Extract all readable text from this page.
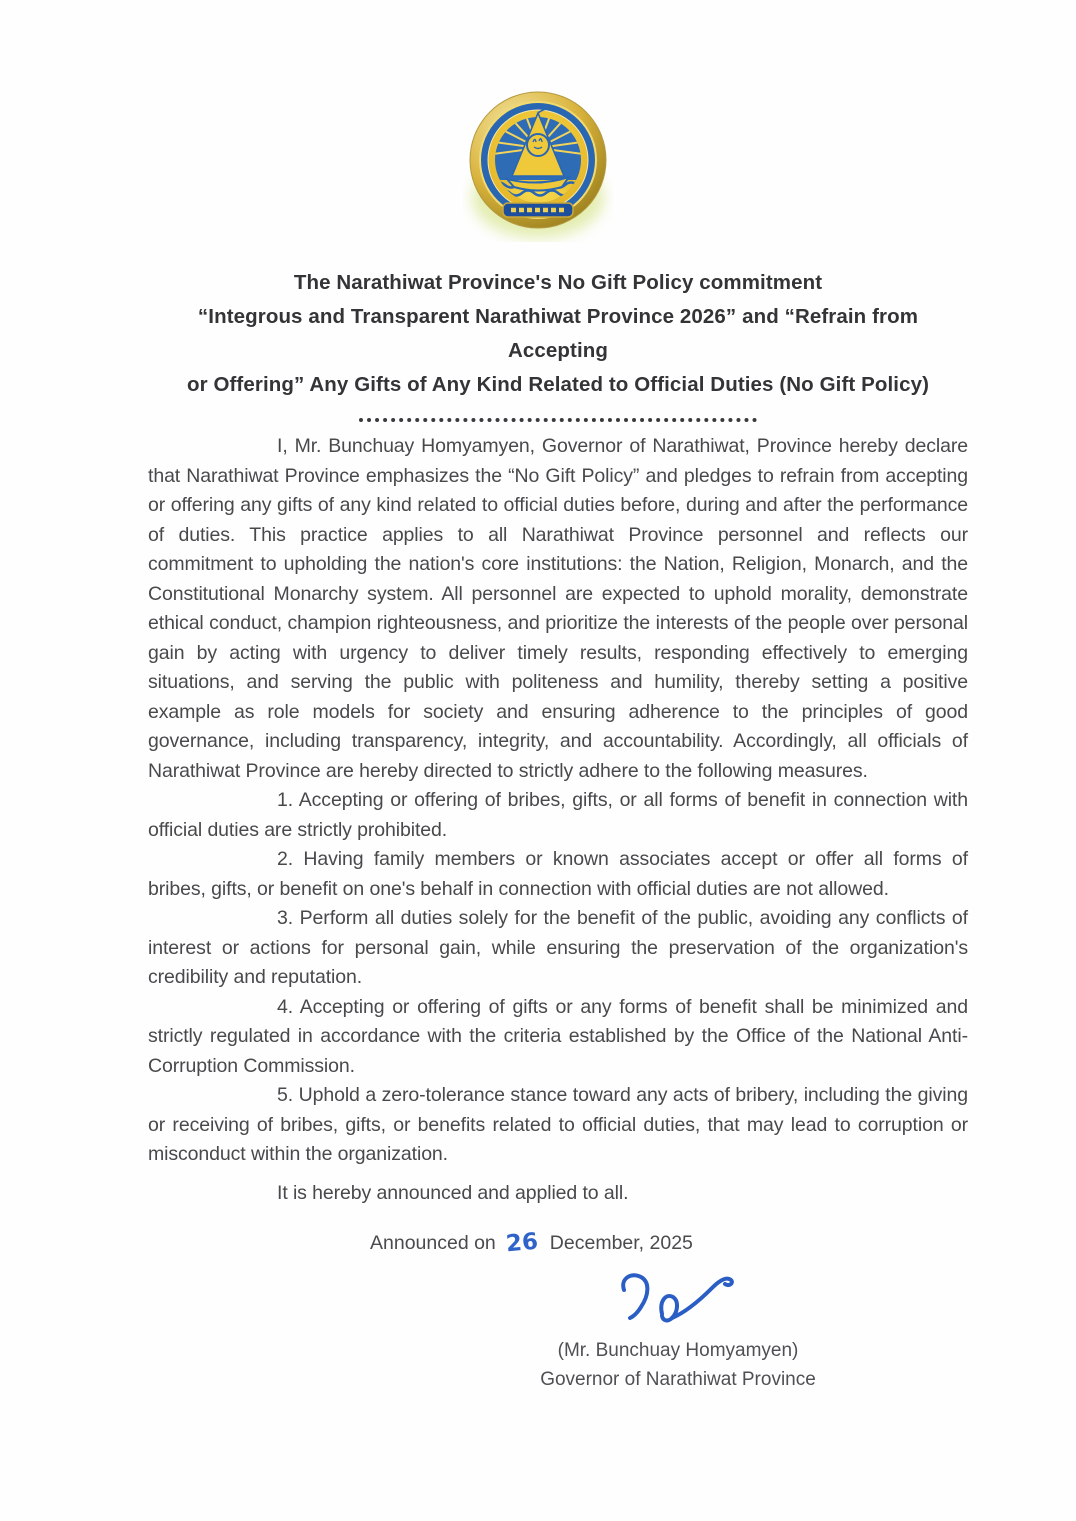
The Narathiwat Province's No Gift Policy commitment
“Integrous and Transparent Narathiwat Province 2026” and “Refrain from Accepting
or Offering” Any Gifts of Any Kind Related to Official Duties (No Gift Policy)

I, Mr. Bunchuay Homyamyen, Governor of Narathiwat, Province hereby declare that Narathiwat Province emphasizes the “No Gift Policy” and pledges to refrain from accepting or offering any gifts of any kind related to official duties before, during and after the performance of duties. This practice applies to all Narathiwat Province personnel and reflects our commitment to upholding the nation's core institutions: the Nation, Religion, Monarch, and the Constitutional Monarchy system. All personnel are expected to uphold morality, demonstrate ethical conduct, champion righteousness, and prioritize the interests of the people over personal gain by acting with urgency to deliver timely results, responding effectively to emerging situations, and serving the public with politeness and humility, thereby setting a positive example as role models for society and ensuring adherence to the principles of good governance, including transparency, integrity, and accountability. Accordingly, all officials of Narathiwat Province are hereby directed to strictly adhere to the following measures.

1. Accepting or offering of bribes, gifts, or all forms of benefit in connection with official duties are strictly prohibited.

2. Having family members or known associates accept or offer all forms of bribes, gifts, or benefit on one's behalf in connection with official duties are not allowed.

3. Perform all duties solely for the benefit of the public, avoiding any conflicts of interest or actions for personal gain, while ensuring the preservation of the organization's credibility and reputation.

4. Accepting or offering of gifts or any forms of benefit shall be minimized and strictly regulated in accordance with the criteria established by the Office of the National Anti-Corruption Commission.

5. Uphold a zero-tolerance stance toward any acts of bribery, including the giving or receiving of bribes, gifts, or benefits related to official duties, that may lead to corruption or misconduct within the organization.

It is hereby announced and applied to all.

Announced on 26 December, 2025
(Mr. Bunchuay Homyamyen)
Governor of Narathiwat Province
